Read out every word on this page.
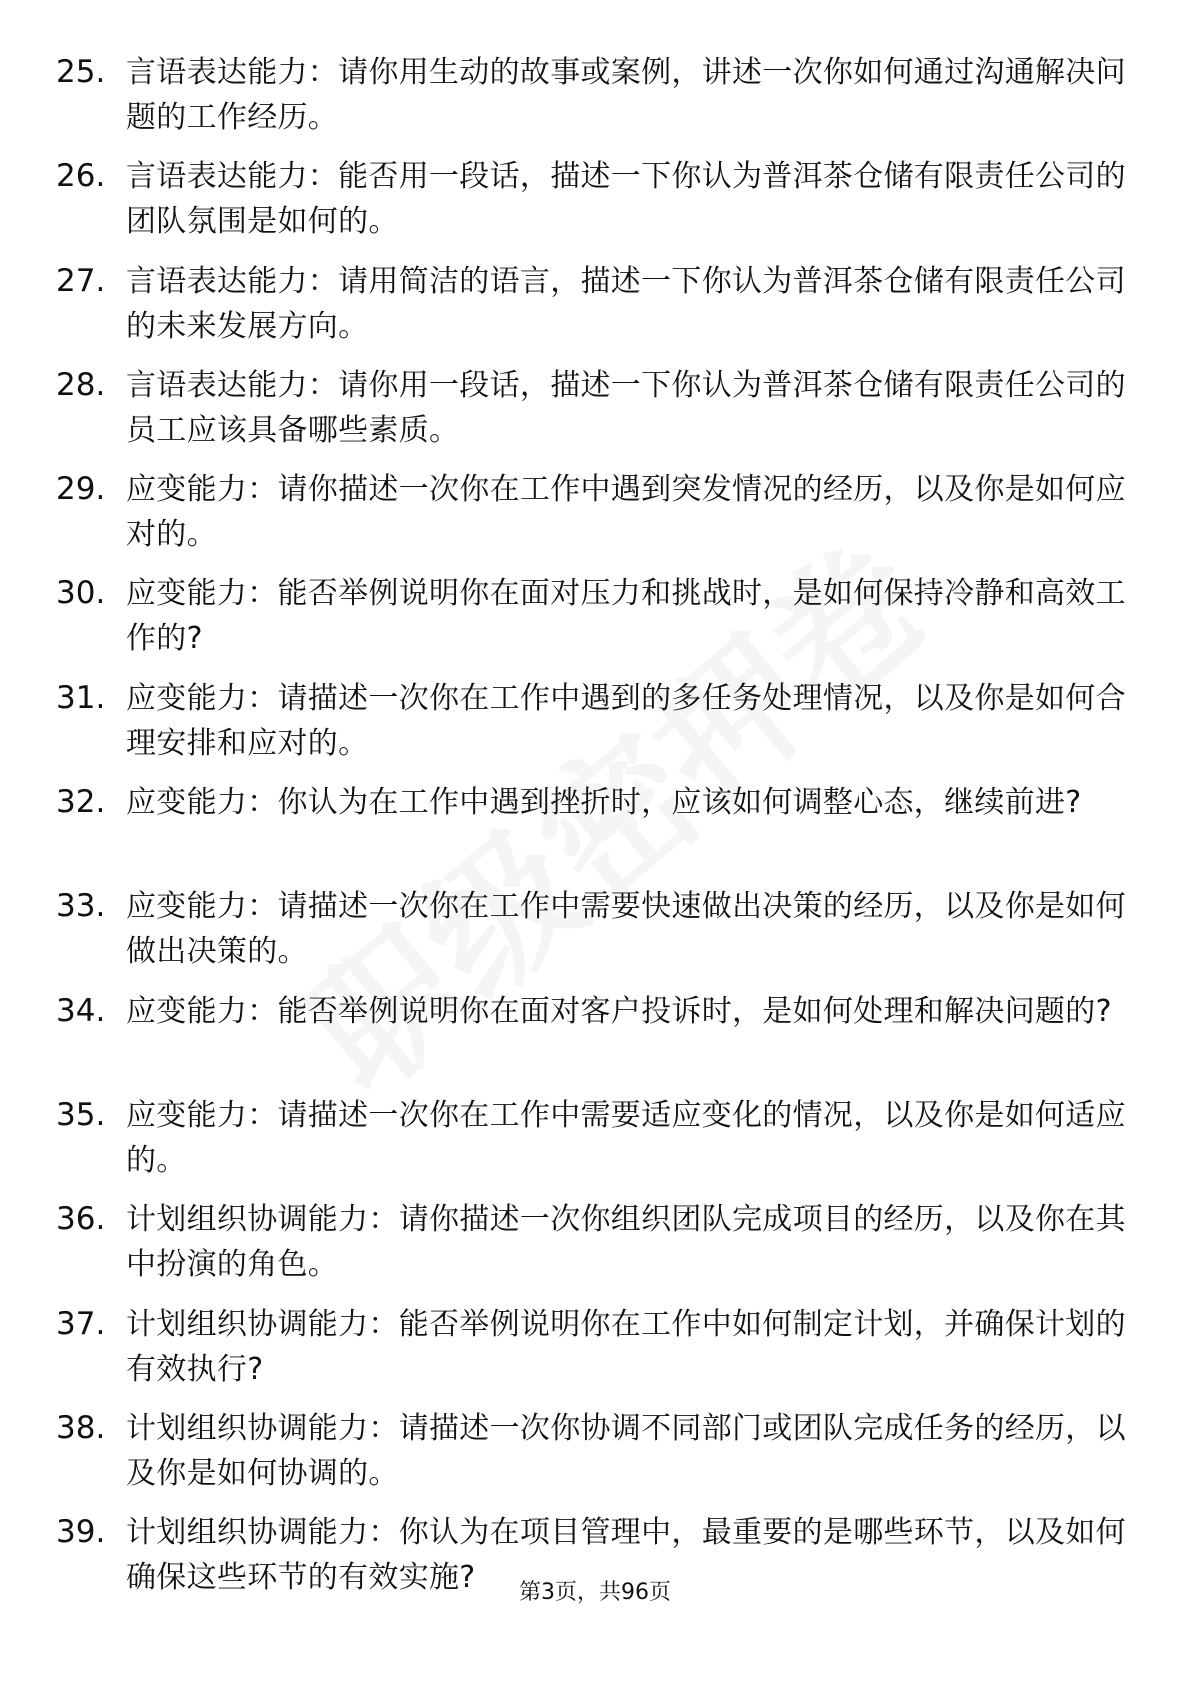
25. 言语表达能力：请你用生动的故事或案例，讲述一次你如何通过沟通解决问题的工作经历。
26. 言语表达能力：能否用一段话，描述一下你认为普洱茶仓储有限责任公司的团队氛围是如何的。
27. 言语表达能力：请用简洁的语言，描述一下你认为普洱茶仓储有限责任公司的未来发展方向。
28. 言语表达能力：请你用一段话，描述一下你认为普洱茶仓储有限责任公司的员工应该具备哪些素质。
29. 应变能力：请你描述一次你在工作中遇到突发情况的经历，以及你是如何应对的。
30. 应变能力：能否举例说明你在面对压力和挑战时，是如何保持冷静和高效工作的?
31. 应变能力：请描述一次你在工作中遇到的多任务处理情况，以及你是如何合理安排和应对的。
32. 应变能力：你认为在工作中遇到挫折时，应该如何调整心态，继续前进?
33. 应变能力：请描述一次你在工作中需要快速做出决策的经历，以及你是如何做出决策的。
34. 应变能力：能否举例说明你在面对客户投诉时，是如何处理和解决问题的?
35. 应变能力：请描述一次你在工作中需要适应变化的情况，以及你是如何适应的。
36. 计划组织协调能力：请你描述一次你组织团队完成项目的经历，以及你在其中扮演的角色。
37. 计划组织协调能力：能否举例说明你在工作中如何制定计划，并确保计划的有效执行?
38. 计划组织协调能力：请描述一次你协调不同部门或团队完成任务的经历，以及你是如何协调的。
39. 计划组织协调能力：你认为在项目管理中，最重要的是哪些环节，以及如何确保这些环节的有效实施?	第3页，共96页
